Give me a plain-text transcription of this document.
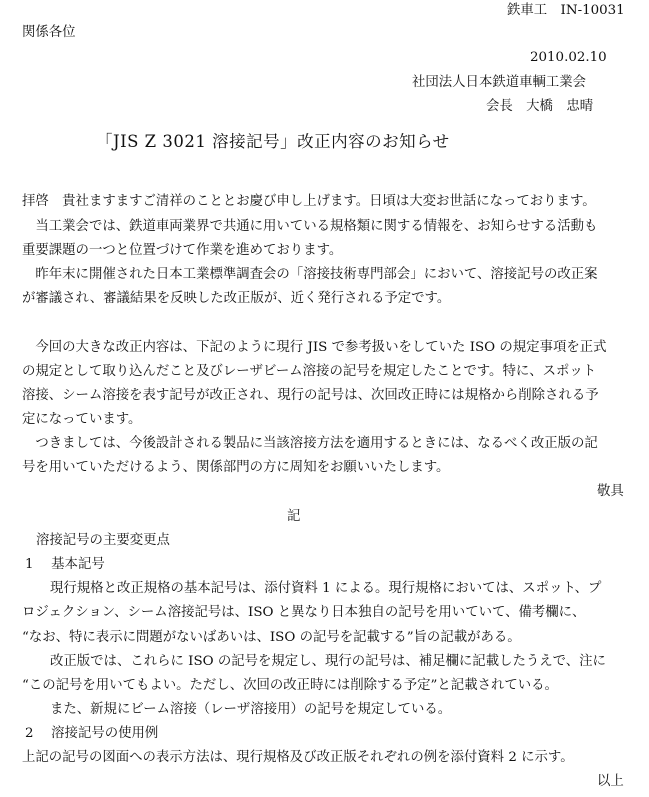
鉄車工　IN-10031
関係各位
2010.02.10
社団法人日本鉄道車輌工業会
会長　大橋　忠晴
「JIS Z 3021 溶接記号」改正内容のお知らせ
拝啓　貴社ますますご清祥のこととお慶び申し上げます。日頃は大変お世話になっております。
　当工業会では、鉄道車両業界で共通に用いている規格類に関する情報を、お知らせする活動も
重要課題の一つと位置づけて作業を進めております。
　昨年末に開催された日本工業標準調査会の「溶接技術専門部会」において、溶接記号の改正案
が審議され、審議結果を反映した改正版が、近く発行される予定です。
　今回の大きな改正内容は、下記のように現行 JIS で参考扱いをしていた ISO の規定事項を正式
の規定として取り込んだこと及びレーザビーム溶接の記号を規定したことです。特に、スポット
溶接、シーム溶接を表す記号が改正され、現行の記号は、次回改正時には規格から削除される予
定になっています。
　つきましては、今後設計される製品に当該溶接方法を適用するときには、なるべく改正版の記
号を用いていただけるよう、関係部門の方に周知をお願いいたします。
敬具
記
溶接記号の主要変更点
1　 基本記号
現行規格と改正規格の基本記号は、添付資料 1 による。現行規格においては、スポット、プ
ロジェクション、シーム溶接記号は、ISO と異なり日本独自の記号を用いていて、備考欄に、
“なお、特に表示に問題がないばあいは、ISO の記号を記載する”旨の記載がある。
改正版では、これらに ISO の記号を規定し、現行の記号は、補足欄に記載したうえで、注に
“この記号を用いてもよい。ただし、次回の改正時には削除する予定”と記載されている。
また、新規にビーム溶接（レーザ溶接用）の記号を規定している。
2　 溶接記号の使用例
上記の記号の図面への表示方法は、現行規格及び改正版それぞれの例を添付資料 2 に示す。
以上
